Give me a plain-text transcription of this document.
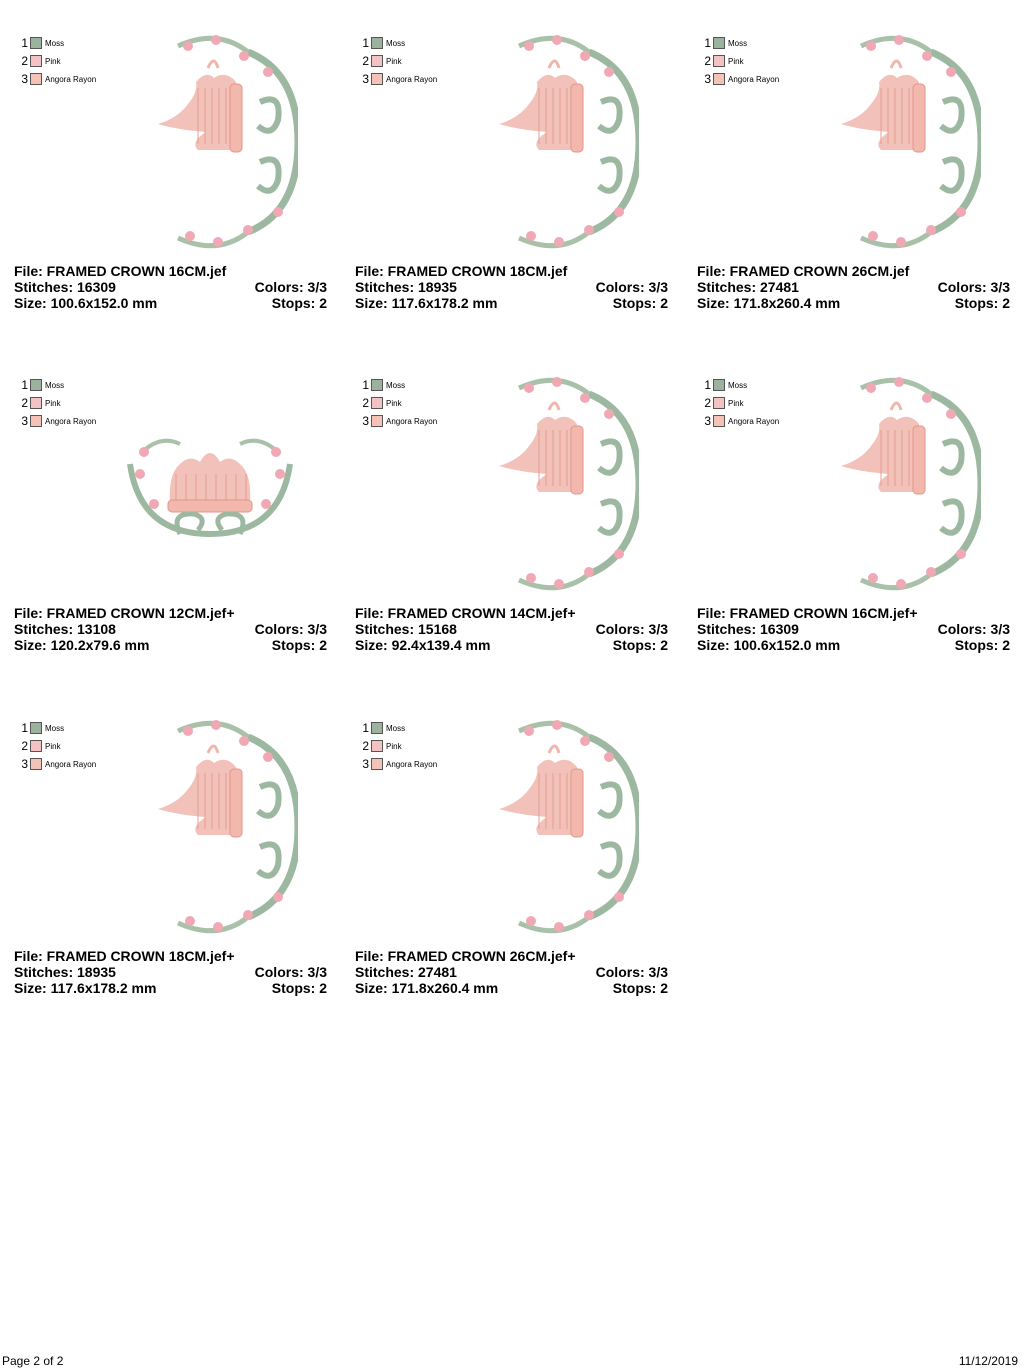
1 Moss
2 Pink
3 Angora Rayon
File: FRAMED CROWN 16CM.jef
Stitches: 16309	Colors: 3/3
Size: 100.6x152.0 mm	Stops: 2
1 Moss
2 Pink
3 Angora Rayon
File: FRAMED CROWN 18CM.jef
Stitches: 18935	Colors: 3/3
Size: 117.6x178.2 mm	Stops: 2
1 Moss
2 Pink
3 Angora Rayon
File: FRAMED CROWN 26CM.jef
Stitches: 27481	Colors: 3/3
Size: 171.8x260.4 mm	Stops: 2
1 Moss
2 Pink
3 Angora Rayon
File: FRAMED CROWN 12CM.jef+
Stitches: 13108	Colors: 3/3
Size: 120.2x79.6 mm	Stops: 2
1 Moss
2 Pink
3 Angora Rayon
File: FRAMED CROWN 14CM.jef+
Stitches: 15168	Colors: 3/3
Size: 92.4x139.4 mm	Stops: 2
1 Moss
2 Pink
3 Angora Rayon
File: FRAMED CROWN 16CM.jef+
Stitches: 16309	Colors: 3/3
Size: 100.6x152.0 mm	Stops: 2
1 Moss
2 Pink
3 Angora Rayon
File: FRAMED CROWN 18CM.jef+
Stitches: 18935	Colors: 3/3
Size: 117.6x178.2 mm	Stops: 2
1 Moss
2 Pink
3 Angora Rayon
File: FRAMED CROWN 26CM.jef+
Stitches: 27481	Colors: 3/3
Size: 171.8x260.4 mm	Stops: 2
Page 2 of 2	11/12/2019
